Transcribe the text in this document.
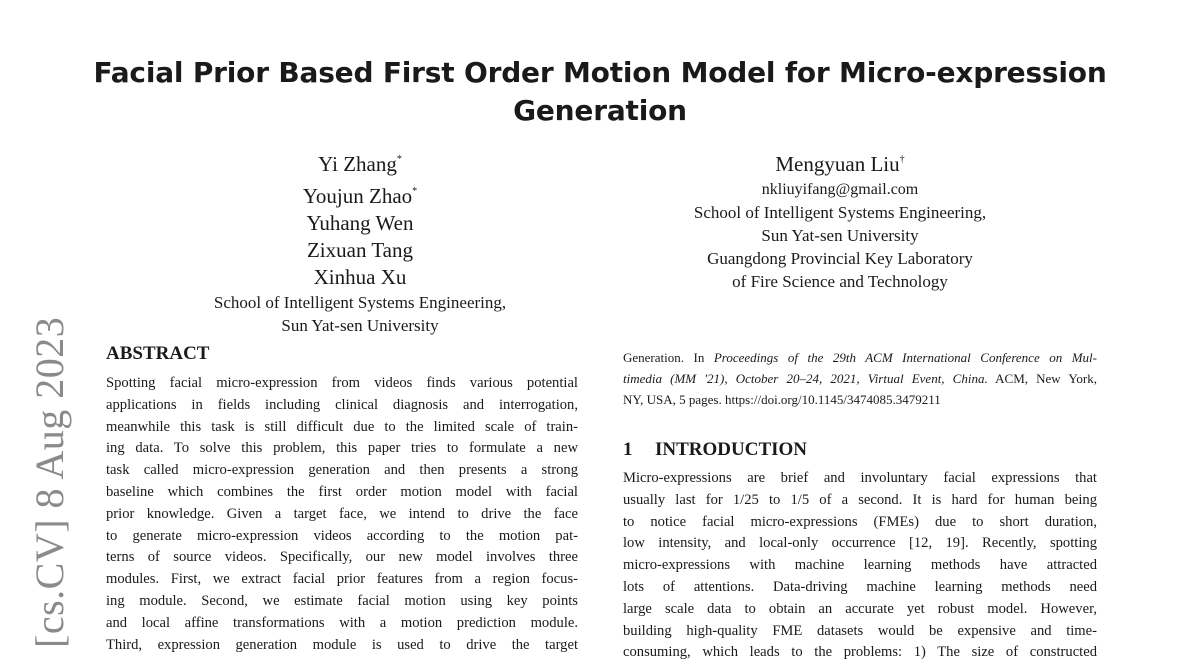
Facial Prior Based First Order Motion Model for Micro-expression
Generation
Yi Zhang*
Youjun Zhao*
Yuhang Wen
Zixuan Tang
Xinhua Xu
School of Intelligent Systems Engineering,
Sun Yat-sen University
Mengyuan Liu†
nkliuyifang@gmail.com
School of Intelligent Systems Engineering,
Sun Yat-sen University
Guangdong Provincial Key Laboratory
of Fire Science and Technology
[cs.CV] 8 Aug 2023 ABSTRACT
Spotting facial micro-expression from videos finds various potential
applications in fields including clinical diagnosis and interrogation,
meanwhile this task is still difficult due to the limited scale of train-
ing data. To solve this problem, this paper tries to formulate a new
task called micro-expression generation and then presents a strong
baseline which combines the first order motion model with facial
prior knowledge. Given a target face, we intend to drive the face
to generate micro-expression videos according to the motion pat-
terns of source videos. Specifically, our new model involves three
modules. First, we extract facial prior features from a region focus-
ing module. Second, we estimate facial motion using key points
and local affine transformations with a motion prediction module.
Third, expression generation module is used to drive the target
Generation. In Proceedings of the 29th ACM International Conference on Mul-
timedia (MM '21), October 20–24, 2021, Virtual Event, China. ACM, New York,
NY, USA, 5 pages. https://doi.org/10.1145/3474085.3479211
1 INTRODUCTION
Micro-expressions are brief and involuntary facial expressions that
usually last for 1/25 to 1/5 of a second. It is hard for human being
to notice facial micro-expressions (FMEs) due to short duration,
low intensity, and local-only occurrence [12, 19]. Recently, spotting
micro-expressions with machine learning methods have attracted
lots of attentions. Data-driving machine learning methods need
large scale data to obtain an accurate yet robust model. However,
building high-quality FME datasets would be expensive and time-
consuming, which leads to the problems: 1) The size of constructed
